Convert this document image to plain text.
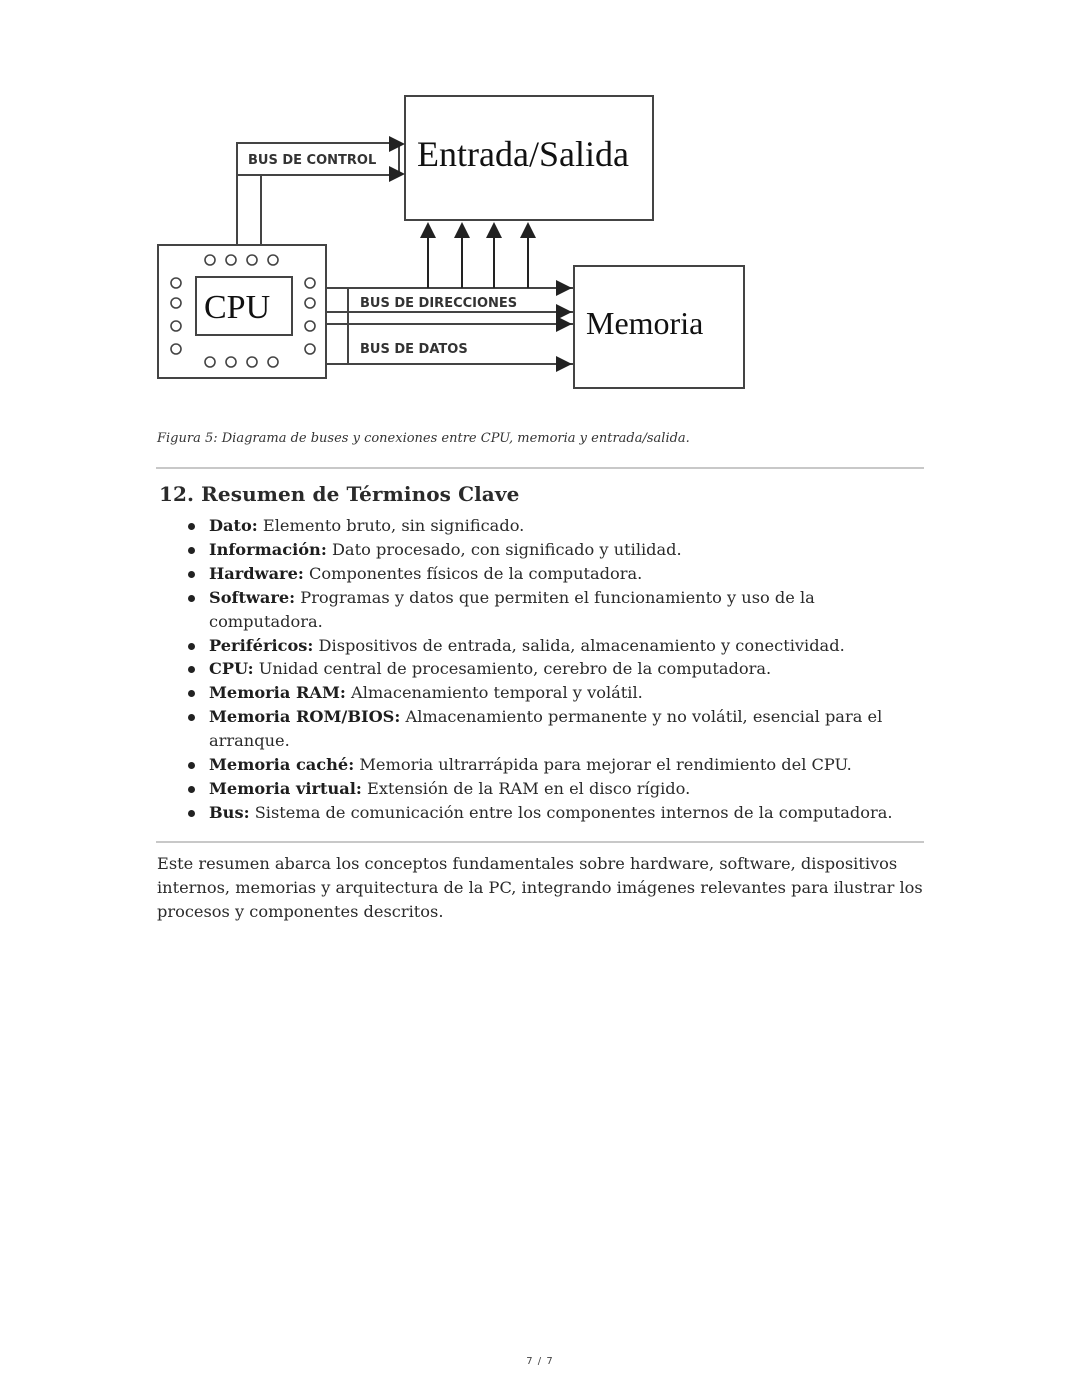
BUS DE CONTROL Entrada/Salida
CPU	BUS DE DIRECCIONES
BUS DE DATOS
Memoria
Figura 5: Diagrama de buses y conexiones entre CPU, memoria y entrada/salida.
12. Resumen de Términos Clave
Dato: Elemento bruto, sin significado.
Información: Dato procesado, con significado y utilidad.
Hardware: Componentes físicos de la computadora.
Software: Programas y datos que permiten el funcionamiento y uso de la computadora.
Periféricos: Dispositivos de entrada, salida, almacenamiento y conectividad.
CPU: Unidad central de procesamiento, cerebro de la computadora.
Memoria RAM: Almacenamiento temporal y volátil.
Memoria ROM/BIOS: Almacenamiento permanente y no volátil, esencial para el arranque.
Memoria caché: Memoria ultrarrápida para mejorar el rendimiento del CPU.
Memoria virtual: Extensión de la RAM en el disco rígido.
Bus: Sistema de comunicación entre los componentes internos de la computadora.

Este resumen abarca los conceptos fundamentales sobre hardware, software, dispositivos internos, memorias y arquitectura de la PC, integrando imágenes relevantes para ilustrar los procesos y componentes descritos.

7 / 7
